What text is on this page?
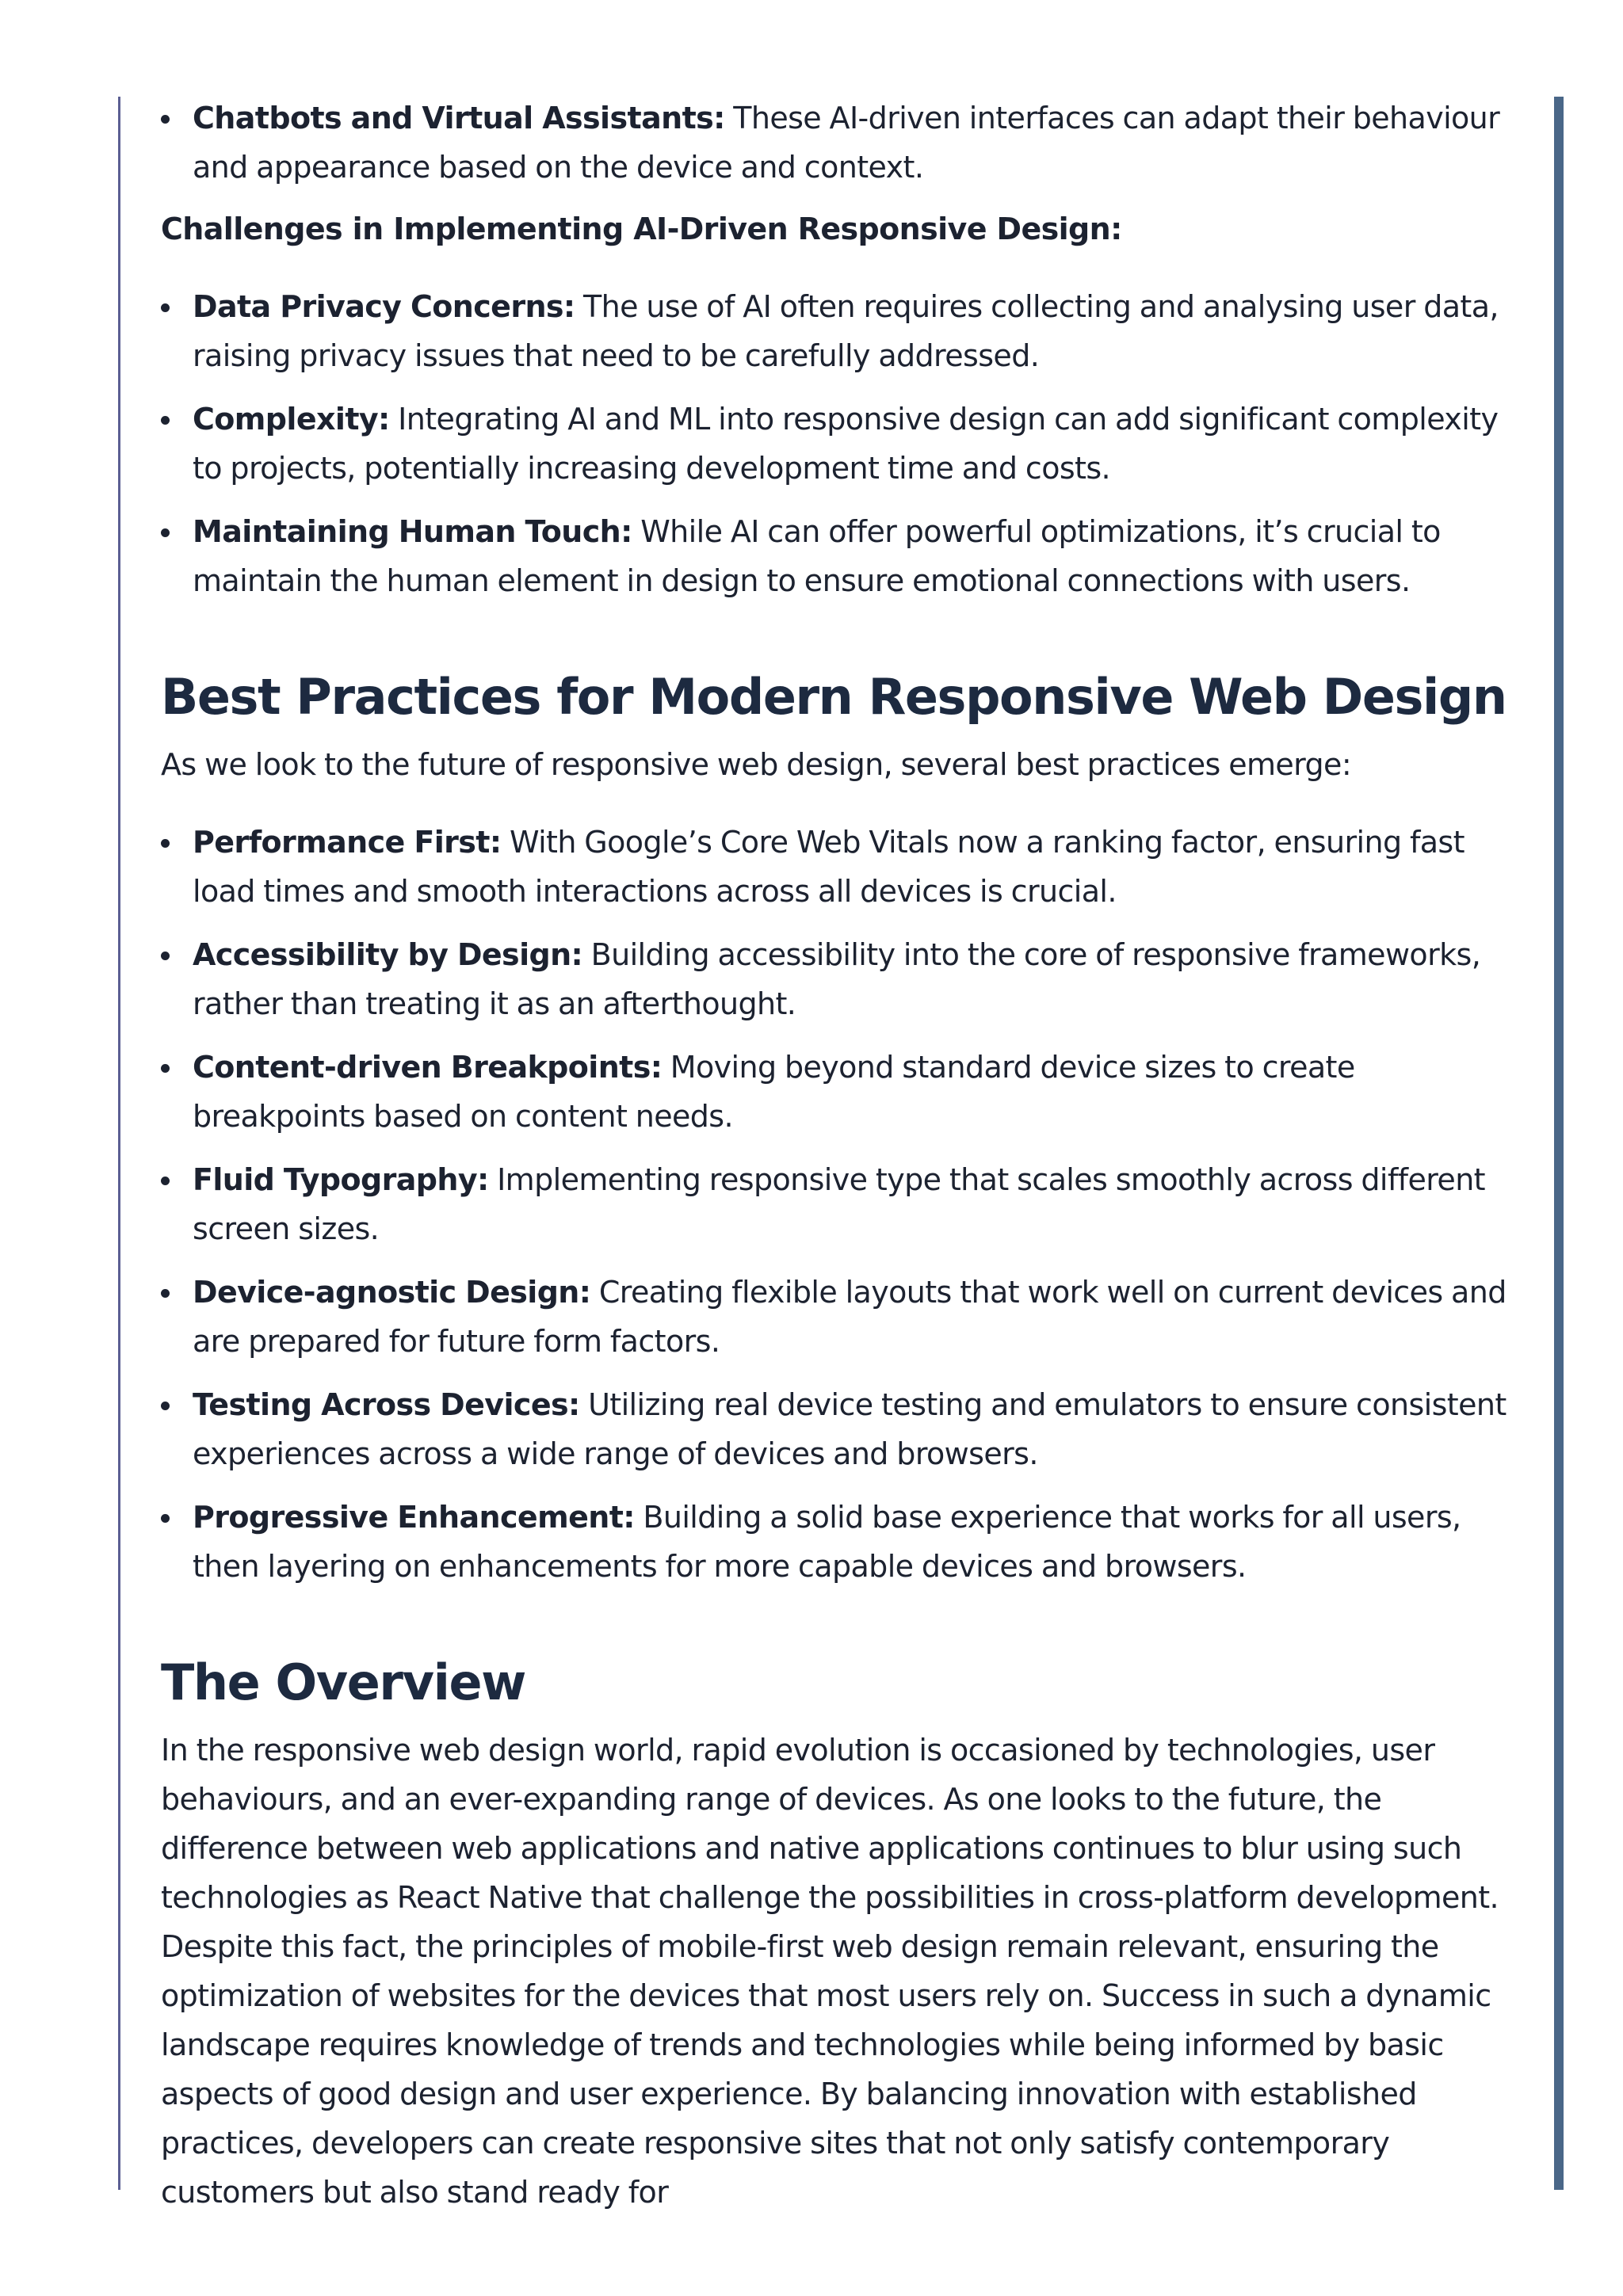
Chatbots and Virtual Assistants: These AI-driven interfaces can adapt their behaviour and appearance based on the device and context.
Challenges in Implementing AI-Driven Responsive Design:
Data Privacy Concerns: The use of AI often requires collecting and analysing user data, raising privacy issues that need to be carefully addressed.
Complexity: Integrating AI and ML into responsive design can add significant complexity to projects, potentially increasing development time and costs.
Maintaining Human Touch: While AI can offer powerful optimizations, it’s crucial to maintain the human element in design to ensure emotional connections with users.
Best Practices for Modern Responsive Web Design

As we look to the future of responsive web design, several best practices emerge:

Performance First: With Google’s Core Web Vitals now a ranking factor, ensuring fast load times and smooth interactions across all devices is crucial.
Accessibility by Design: Building accessibility into the core of responsive frameworks, rather than treating it as an afterthought.
Content-driven Breakpoints: Moving beyond standard device sizes to create breakpoints based on content needs.
Fluid Typography: Implementing responsive type that scales smoothly across different screen sizes.
Device-agnostic Design: Creating flexible layouts that work well on current devices and are prepared for future form factors.
Testing Across Devices: Utilizing real device testing and emulators to ensure consistent experiences across a wide range of devices and browsers.
Progressive Enhancement: Building a solid base experience that works for all users, then layering on enhancements for more capable devices and browsers.
The Overview

In the responsive web design world, rapid evolution is occasioned by technologies, user behaviours, and an ever-expanding range of devices. As one looks to the future, the difference between web applications and native applications continues to blur using such technologies as React Native that challenge the possibilities in cross-platform development. Despite this fact, the principles of mobile-first web design remain relevant, ensuring the optimization of websites for the devices that most users rely on. Success in such a dynamic landscape requires knowledge of trends and technologies while being informed by basic aspects of good design and user experience. By balancing innovation with established practices, developers can create responsive sites that not only satisfy contemporary customers but also stand ready for
